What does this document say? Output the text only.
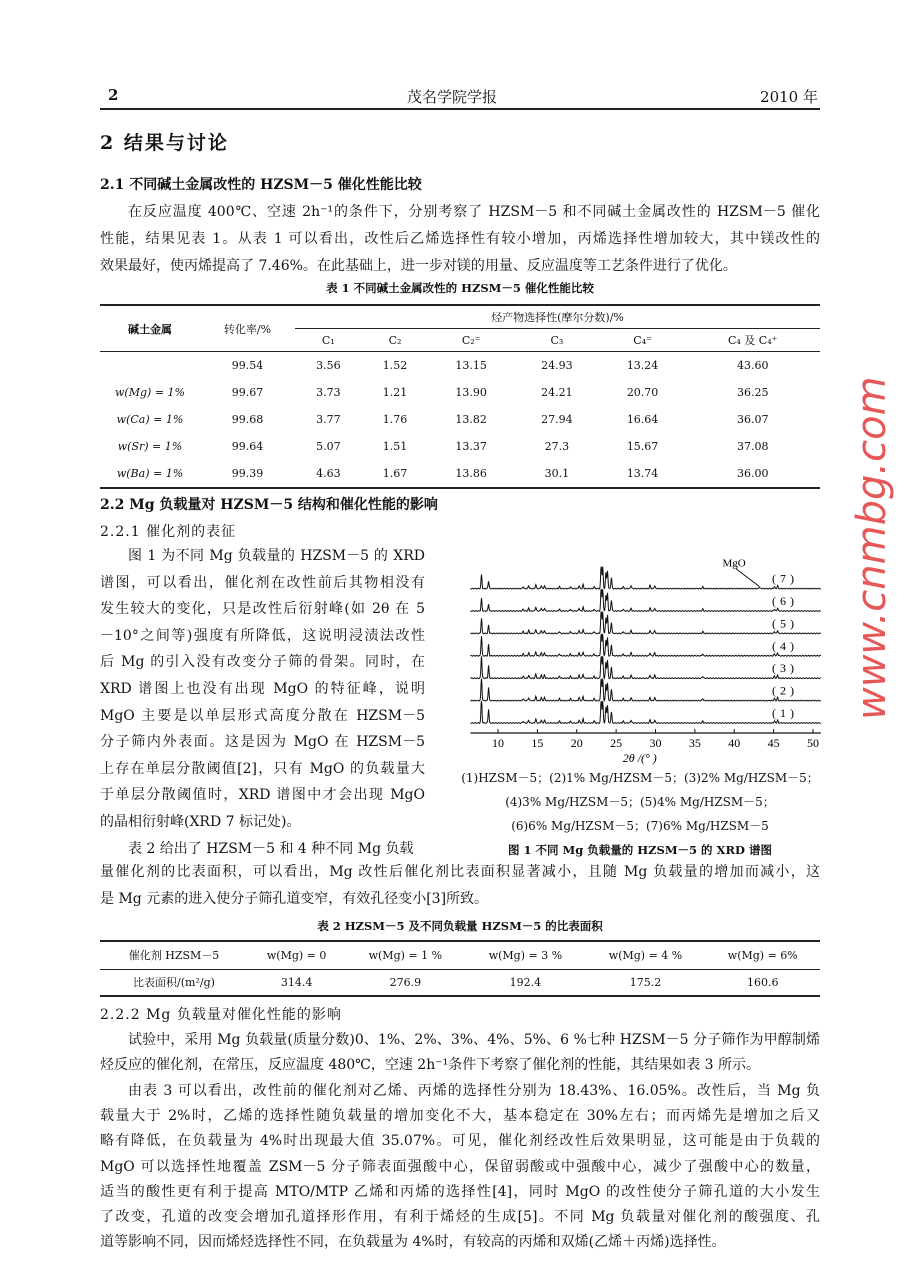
2	茂名学院学报	2010 年
2 结果与讨论
2.1 不同碱土金属改性的 HZSM－5 催化性能比较
在反应温度 400℃、空速 2h⁻¹的条件下，分别考察了 HZSM－5 和不同碱土金属改性的 HZSM－5 催化
性能，结果见表 1。从表 1 可以看出，改性后乙烯选择性有较小增加，丙烯选择性增加较大，其中镁改性的
效果最好，使丙烯提高了 7.46%。在此基础上，进一步对镁的用量、反应温度等工艺条件进行了优化。
表 1 不同碱土金属改性的 HZSM－5 催化性能比较
碱土金属	转化率/%	烃产物选择性(摩尔分数)/%					
		C₁	C₂	C₂⁼	C₃	C₄⁼	C₄ 及 C₄⁺
	99.54	3.56	1.52	13.15	24.93	13.24	43.60
w(Mg) = 1%	99.67	3.73	1.21	13.90	24.21	20.70	36.25
w(Ca) = 1%	99.68	3.77	1.76	13.82	27.94	16.64	36.07
w(Sr) = 1%	99.64	5.07	1.51	13.37	27.3	15.67	37.08
w(Ba) = 1%	99.39	4.63	1.67	13.86	30.1	13.74	36.00
2.2 Mg 负载量对 HZSM－5 结构和催化性能的影响
2.2.1 催化剂的表征
图 1 为不同 Mg 负载量的 HZSM－5 的 XRD
谱图，可以看出，催化剂在改性前后其物相没有
发生较大的变化，只是改性后衍射峰(如 2θ 在 5
－10°之间等)强度有所降低，这说明浸渍法改性
后 Mg 的引入没有改变分子筛的骨架。同时，在
XRD 谱图上也没有出现 MgO 的特征峰，说明
MgO 主要是以单层形式高度分散在 HZSM－5
分子筛内外表面。这是因为 MgO 在 HZSM－5
上存在单层分散阈值[2]，只有 MgO 的负载量大
于单层分散阈值时，XRD 谱图中才会出现 MgO
的晶相衍射峰(XRD 7 标记处)。
表 2 给出了 HZSM－5 和 4 种不同 Mg 负载
10 15 20 25 30 35 40 45 50
2θ /(° )
(1)
(2)
(3)
(4)
(5)
(6)
(7)
MgO
(1)HZSM－5；(2)1% Mg/HZSM－5；(3)2% Mg/HZSM－5；
(4)3% Mg/HZSM－5；(5)4% Mg/HZSM－5；
(6)6% Mg/HZSM－5；(7)6% Mg/HZSM－5
图 1 不同 Mg 负载量的 HZSM－5 的 XRD 谱图
量催化剂的比表面积，可以看出，Mg 改性后催化剂比表面积显著减小，且随 Mg 负载量的增加而减小，这
是 Mg 元素的进入使分子筛孔道变窄，有效孔径变小[3]所致。
表 2 HZSM－5 及不同负载量 HZSM－5 的比表面积
催化剂 HZSM－5	w(Mg) = 0	w(Mg) = 1 %	w(Mg) = 3 %	w(Mg) = 4 %	w(Mg) = 6%
比表面积/(m²/g)	314.4	276.9	192.4	175.2	160.6
2.2.2 Mg 负载量对催化性能的影响
试验中，采用 Mg 负载量(质量分数)0、1%、2%、3%、4%、5%、6 %七种 HZSM－5 分子筛作为甲醇制烯
烃反应的催化剂，在常压，反应温度 480℃，空速 2h⁻¹条件下考察了催化剂的性能，其结果如表 3 所示。
由表 3 可以看出，改性前的催化剂对乙烯、丙烯的选择性分别为 18.43%、16.05%。改性后，当 Mg 负
载量大于 2%时，乙烯的选择性随负载量的增加变化不大，基本稳定在 30%左右；而丙烯先是增加之后又
略有降低，在负载量为 4%时出现最大值 35.07%。可见，催化剂经改性后效果明显，这可能是由于负载的
MgO 可以选择性地覆盖 ZSM－5 分子筛表面强酸中心，保留弱酸或中强酸中心，减少了强酸中心的数量，
适当的酸性更有利于提高 MTO/MTP 乙烯和丙烯的选择性[4]，同时 MgO 的改性使分子筛孔道的大小发生
了改变，孔道的改变会增加孔道择形作用，有利于烯烃的生成[5]。不同 Mg 负载量对催化剂的酸强度、孔
道等影响不同，因而烯烃选择性不同，在负载量为 4%时，有较高的丙烯和双烯(乙烯＋丙烯)选择性。
www.cnmbg.com
